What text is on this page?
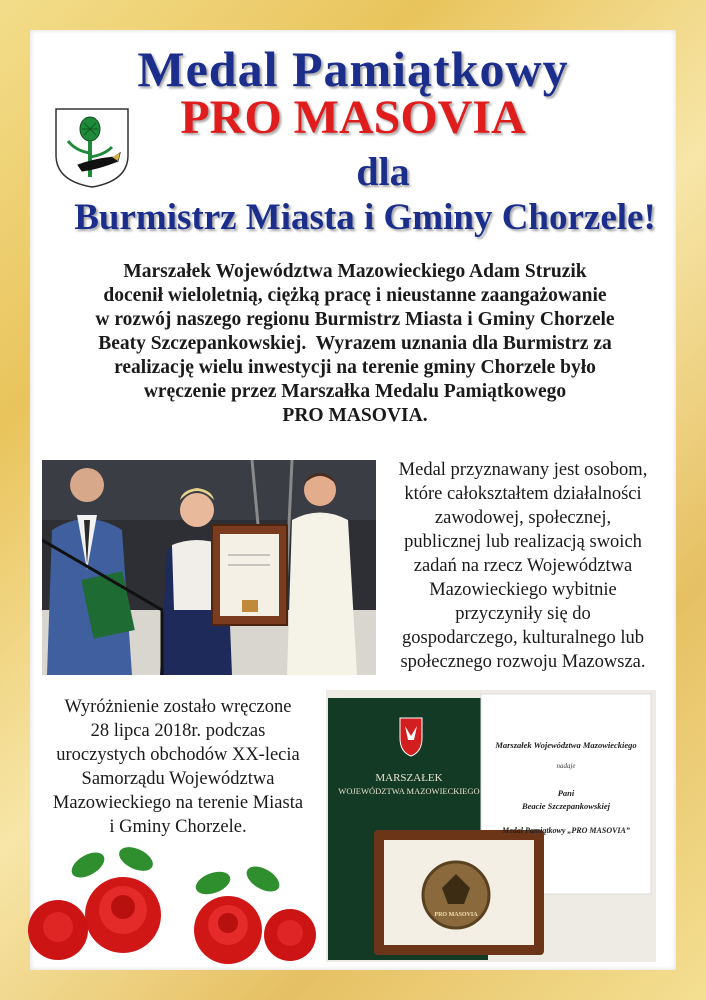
Medal Pamiątkowy
PRO MASOVIA
dla
Burmistrz Miasta i Gminy Chorzele!
Marszałek Województwa Mazowieckiego Adam Struzik
docenił wieloletnią, ciężką pracę i nieustanne zaangażowanie
w rozwój naszego regionu Burmistrz Miasta i Gminy Chorzele
Beaty Szczepankowskiej.  Wyrazem uznania dla Burmistrz za
realizację wielu inwestycji na terenie gminy Chorzele było
wręczenie przez Marszałka Medalu Pamiątkowego
PRO MASOVIA.
Medal przyznawany jest osobom,
które całokształtem działalności
zawodowej, społecznej,
publicznej lub realizacją swoich
zadań na rzecz Województwa
Mazowieckiego wybitnie
przyczyniły się do
gospodarczego, kulturalnego lub
społecznego rozwoju Mazowsza.
Wyróżnienie zostało wręczone
28 lipca 2018r. podczas
uroczystych obchodów XX-lecia
Samorządu Województwa
Mazowieckiego na terenie Miasta
i Gminy Chorzele.
MARSZAŁEK
WOJEWÓDZTWA MAZOWIECKIEGO
Marszałek Województwa Mazowieckiego
nadaje
Pani
Beacie Szczepankowskiej
Medal Pamiątkowy „PRO MASOVIA”
PRO MASOVIA
